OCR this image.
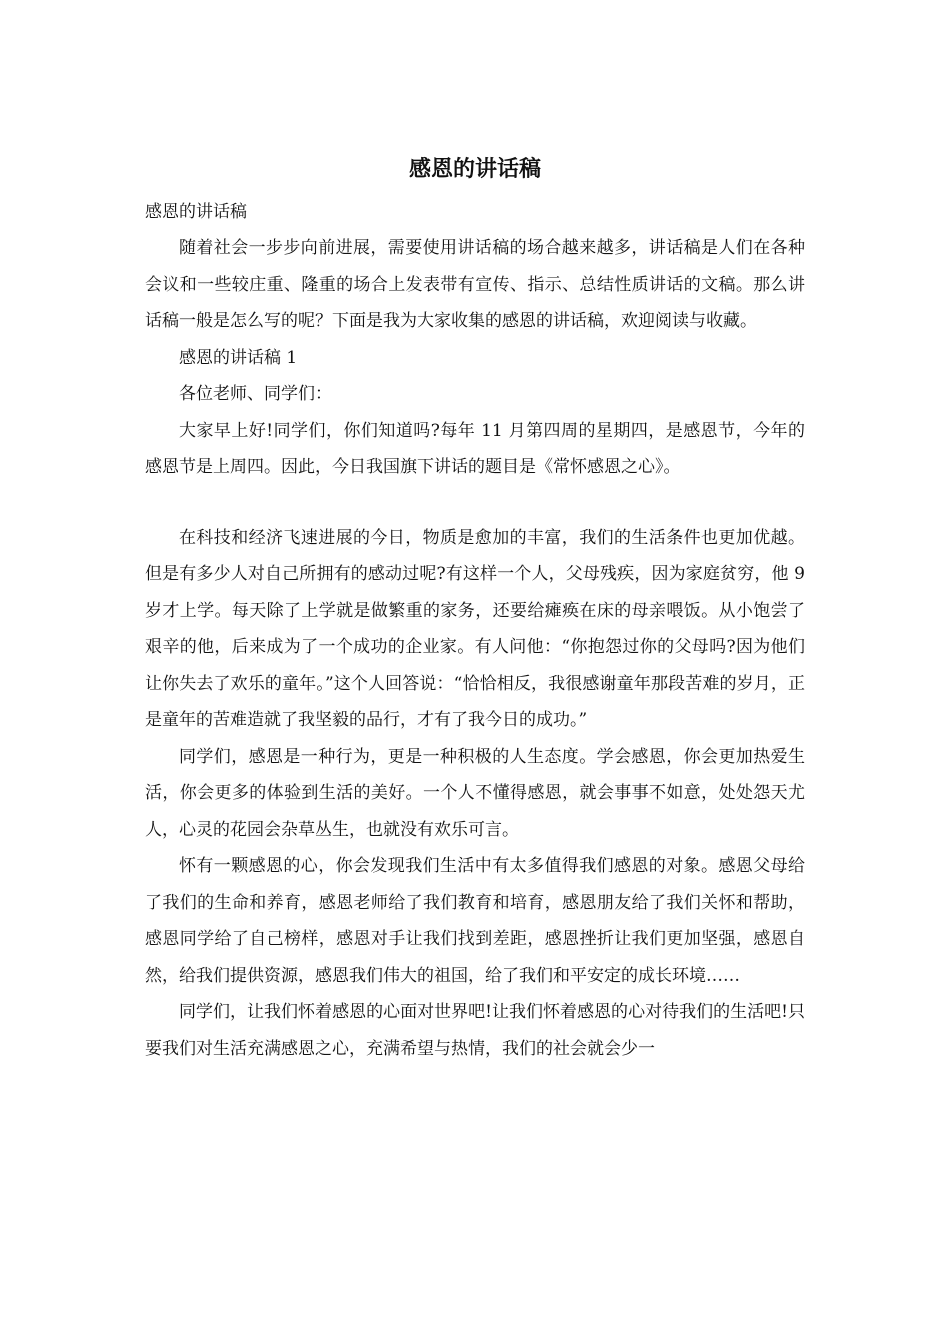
感恩的讲话稿
感恩的讲话稿

随着社会一步步向前进展，需要使用讲话稿的场合越来越多，讲话稿是人们在各种会议和一些较庄重、隆重的场合上发表带有宣传、指示、总结性质讲话的文稿。那么讲话稿一般是怎么写的呢？下面是我为大家收集的感恩的讲话稿，欢迎阅读与收藏。

感恩的讲话稿 1

各位老师、同学们：

大家早上好!同学们，你们知道吗?每年 11 月第四周的星期四，是感恩节，今年的感恩节是上周四。因此，今日我国旗下讲话的题目是《常怀感恩之心》。

在科技和经济飞速进展的今日，物质是愈加的丰富，我们的生活条件也更加优越。但是有多少人对自己所拥有的感动过呢?有这样一个人，父母残疾，因为家庭贫穷，他 9 岁才上学。每天除了上学就是做繁重的家务，还要给瘫痪在床的母亲喂饭。从小饱尝了艰辛的他，后来成为了一个成功的企业家。有人问他：“你抱怨过你的父母吗?因为他们让你失去了欢乐的童年。”这个人回答说：“恰恰相反，我很感谢童年那段苦难的岁月，正是童年的苦难造就了我坚毅的品行，才有了我今日的成功。”

同学们，感恩是一种行为，更是一种积极的人生态度。学会感恩，你会更加热爱生活，你会更多的体验到生活的美好。一个人不懂得感恩，就会事事不如意，处处怨天尤人，心灵的花园会杂草丛生，也就没有欢乐可言。

怀有一颗感恩的心，你会发现我们生活中有太多值得我们感恩的对象。感恩父母给了我们的生命和养育，感恩老师给了我们教育和培育，感恩朋友给了我们关怀和帮助，感恩同学给了自己榜样，感恩对手让我们找到差距，感恩挫折让我们更加坚强，感恩自然，给我们提供资源，感恩我们伟大的祖国，给了我们和平安定的成长环境……

同学们，让我们怀着感恩的心面对世界吧!让我们怀着感恩的心对待我们的生活吧!只要我们对生活充满感恩之心，充满希望与热情，我们的社会就会少一
